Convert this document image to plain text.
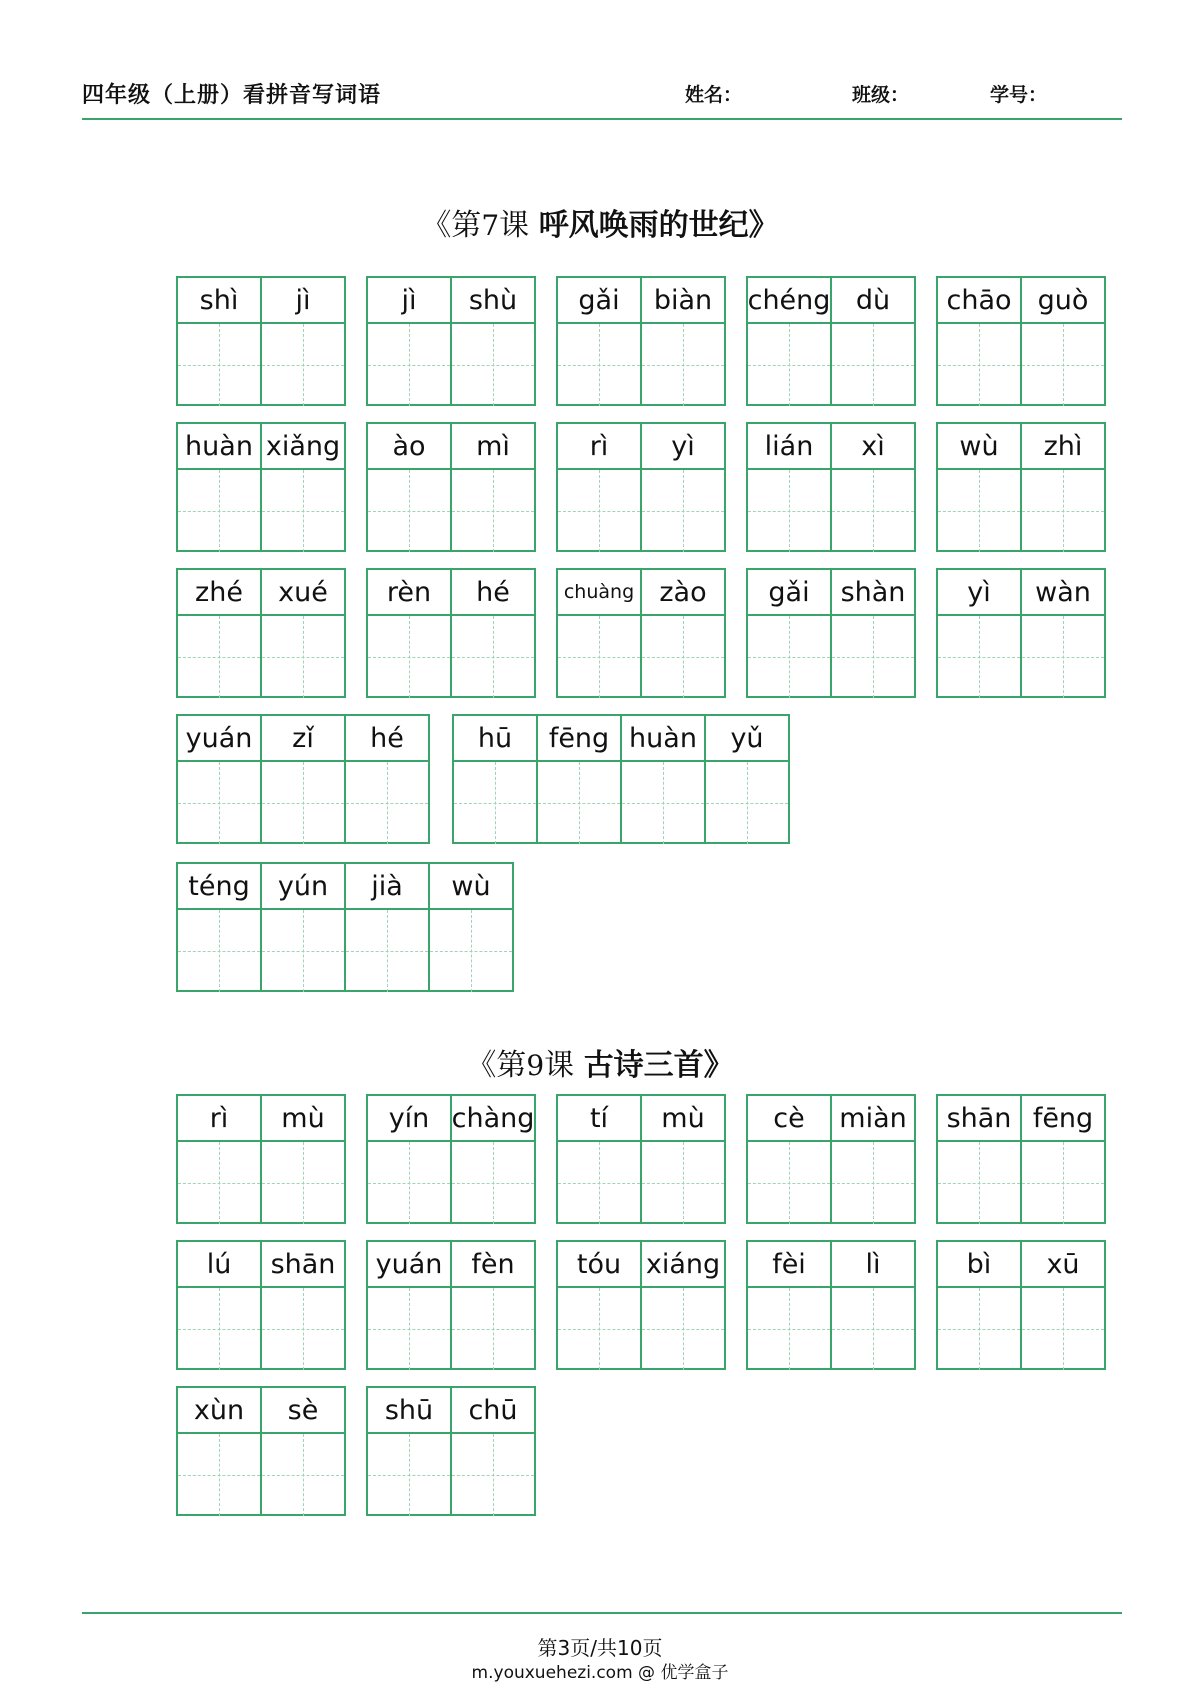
四年级（上册）看拼音写词语	姓名：	班级：	学号：
《第7课 呼风唤雨的世纪》
shì	jì	jì	shù	gǎi	biàn	chéng dù	chāo guò
huàn xiǎng	ào	mì	rì	yì	lián	xì	wù	zhì
zhé	xué	rèn	hé	chuàng zào	gǎi	shàn	yì	wàn
yuán	zǐ	hé	hū	fēng huàn	yǔ
téng	yún	jià	wù
《第9课 古诗三首》
rì	mù	yín chàng	tí	mù	cè	miàn	shān fēng
lú	shān	yuán	fèn	tóu xiáng	fèi	lì	bì	xū
xùn	sè	shū	chū
第3页/共10页
m.youxuehezi.com @ 优学盒子
